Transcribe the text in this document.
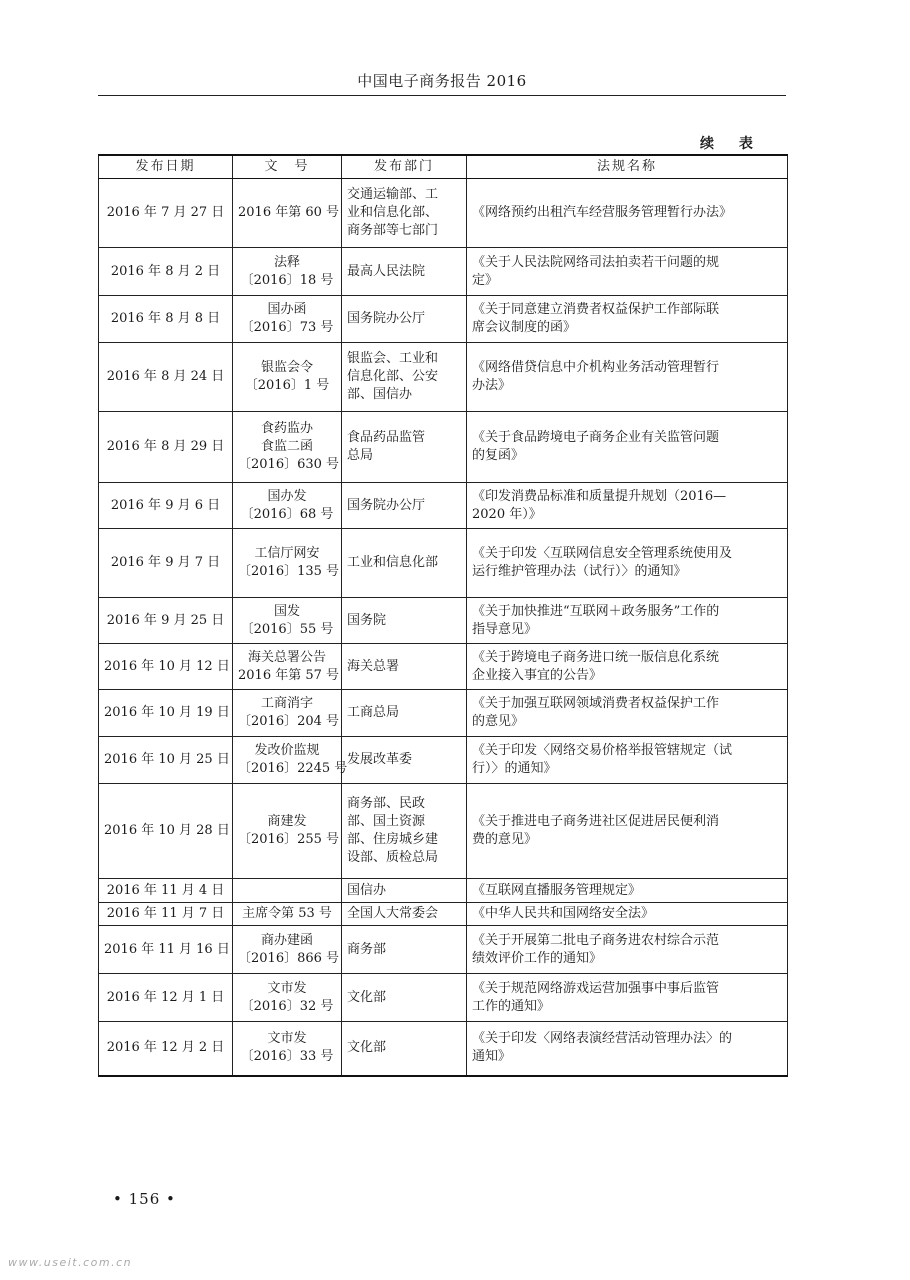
中国电子商务报告 2016
续 表
发布日期	文　号	发布部门	法规名称
2016 年 7 月 27 日	2016 年第 60 号	交通运输部、工
业和信息化部、
商务部等七部门	《网络预约出租汽车经营服务管理暂行办法》

2016 年 8 月 2 日	法释
〔2016〕18 号	最高人民法院	《关于人民法院网络司法拍卖若干问题的规
定》

2016 年 8 月 8 日	国办函
〔2016〕73 号	国务院办公厅	《关于同意建立消费者权益保护工作部际联
席会议制度的函》

2016 年 8 月 24 日	银监会令
〔2016〕1 号	银监会、工业和
信息化部、公安
部、国信办	《网络借贷信息中介机构业务活动管理暂行
办法》

2016 年 8 月 29 日	食药监办
食监二函
〔2016〕630 号	食品药品监管
总局	《关于食品跨境电子商务企业有关监管问题
的复函》

2016 年 9 月 6 日	国办发
〔2016〕68 号	国务院办公厅	《印发消费品标准和质量提升规划（2016—
2020 年）》

2016 年 9 月 7 日	工信厅网安
〔2016〕135 号	工业和信息化部	《关于印发〈互联网信息安全管理系统使用及
运行维护管理办法（试行）〉的通知》

2016 年 9 月 25 日	国发
〔2016〕55 号	国务院	《关于加快推进“互联网＋政务服务”工作的
指导意见》

2016 年 10 月 12 日	海关总署公告
2016 年第 57 号	海关总署	《关于跨境电子商务进口统一版信息化系统
企业接入事宜的公告》

2016 年 10 月 19 日	工商消字
〔2016〕204 号	工商总局	《关于加强互联网领域消费者权益保护工作
的意见》

2016 年 10 月 25 日	发改价监规
〔2016〕2245 号	发展改革委	《关于印发〈网络交易价格举报管辖规定（试
行）〉的通知》

2016 年 10 月 28 日	商建发
〔2016〕255 号	商务部、民政
部、国土资源
部、住房城乡建
设部、质检总局	《关于推进电子商务进社区促进居民便利消
费的意见》

2016 年 11 月 4 日		国信办	《互联网直播服务管理规定》

2016 年 11 月 7 日	主席令第 53 号	全国人大常委会	《中华人民共和国网络安全法》

2016 年 11 月 16 日	商办建函
〔2016〕866 号	商务部	《关于开展第二批电子商务进农村综合示范
绩效评价工作的通知》

2016 年 12 月 1 日	文市发
〔2016〕32 号	文化部	《关于规范网络游戏运营加强事中事后监管
工作的通知》

2016 年 12 月 2 日	文市发
〔2016〕33 号	文化部	《关于印发〈网络表演经营活动管理办法〉的
通知》
• 156 •
www.useit.com.cn
